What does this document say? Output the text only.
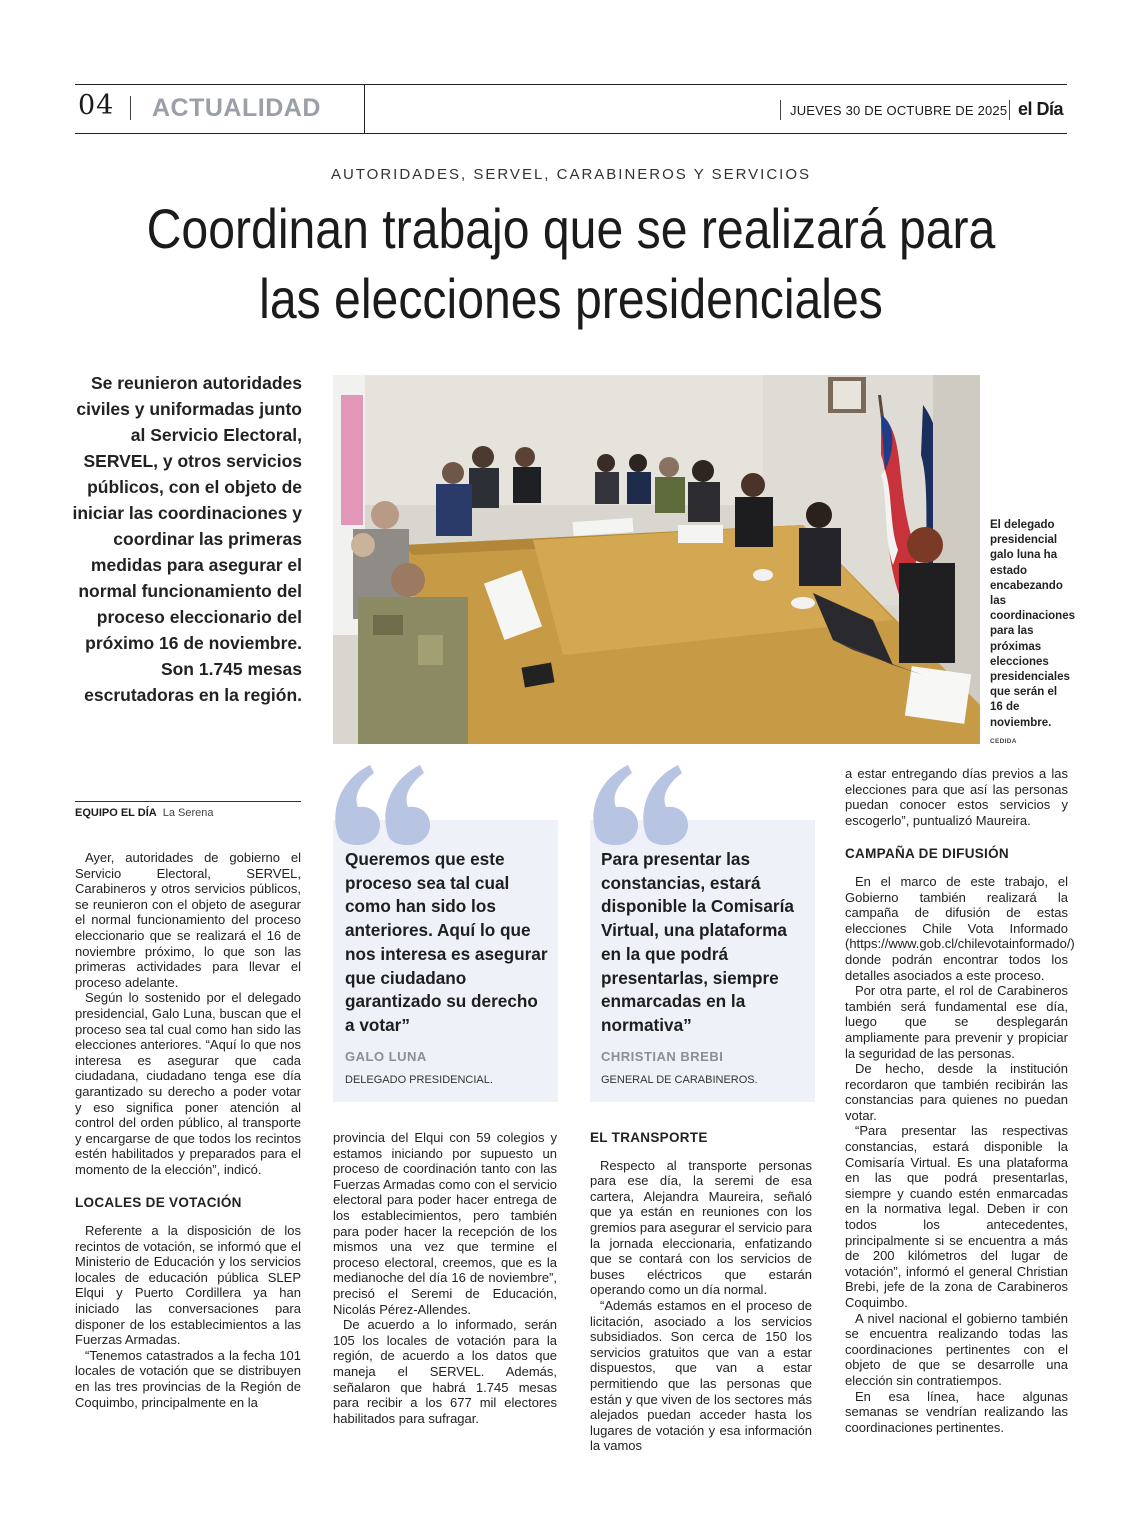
04 ACTUALIDAD	JUEVES 30 DE OCTUBRE DE 2025 el Día
AUTORIDADES, SERVEL, CARABINEROS Y SERVICIOS
Coordinan trabajo que se realizará para
las elecciones presidenciales
Se reunieron autoridades civiles y uniformadas junto al Servicio Electoral, SERVEL, y otros servicios públicos, con el objeto de iniciar las coordinaciones y coordinar las primeras medidas para asegurar el normal funcionamiento del proceso eleccionario del próximo 16 de noviembre. Son 1.745 mesas escrutadoras en la región.
El delegado presidencial galo luna ha estado encabezando las coordinaciones para las próximas elecciones presidenciales que serán el 16 de noviembre.
CEDIDA
EQUIPO EL DÍA La Serena

Ayer, autoridades de gobierno el Servicio Electoral, SERVEL, Carabineros y otros servicios públicos, se reunieron con el objeto de asegurar el normal funcionamiento del proceso eleccionario que se realizará el 16 de noviembre próximo, lo que son las primeras actividades para llevar el proceso adelante.

Según lo sostenido por el delegado presidencial, Galo Luna, buscan que el proceso sea tal cual como han sido las elecciones anteriores. “Aquí lo que nos interesa es asegurar que cada ciudadana, ciudadano tenga ese día garantizado su derecho a poder votar y eso significa poner atención al control del orden público, al transporte y encargarse de que todos los recintos estén habilitados y preparados para el momento de la elección”, indicó.

LOCALES DE VOTACIÓN

Referente a la disposición de los recintos de votación, se informó que el Ministerio de Educación y los servicios locales de educación pública SLEP Elqui y Puerto Cordillera ya han iniciado las conversaciones para disponer de los establecimientos a las Fuerzas Armadas.

“Tenemos catastrados a la fecha 101 locales de votación que se distribuyen en las tres provincias de la Región de Coquimbo, principalmente en la

Queremos que este proceso sea tal cual como han sido los anteriores. Aquí lo que nos interesa es asegurar que ciudadano garantizado su derecho a votar”
GALO LUNA
DELEGADO PRESIDENCIAL.
Para presentar las constancias, estará disponible la Comisaría Virtual, una plataforma en la que podrá presentarlas, siempre enmarcadas en la normativa”
CHRISTIAN BREBI
GENERAL DE CARABINEROS.

provincia del Elqui con 59 colegios y estamos iniciando por supuesto un proceso de coordinación tanto con las Fuerzas Armadas como con el servicio electoral para poder hacer entrega de los establecimientos, pero también para poder hacer la recepción de los mismos una vez que termine el proceso electoral, creemos, que es la medianoche del día 16 de noviembre”, precisó el Seremi de Educación, Nicolás Pérez-Allendes.

De acuerdo a lo informado, serán 105 los locales de votación para la región, de acuerdo a los datos que maneja el SERVEL. Además, señalaron que habrá 1.745 mesas para recibir a los 677 mil electores habilitados para sufragar.

EL TRANSPORTE

Respecto al transporte personas para ese día, la seremi de esa cartera, Alejandra Maureira, señaló que ya están en reuniones con los gremios para asegurar el servicio para la jornada eleccionaria, enfatizando que se contará con los servicios de buses eléctricos que estarán operando como un día normal.

“Además estamos en el proceso de licitación, asociado a los servicios subsidiados. Son cerca de 150 los servicios gratuitos que van a estar dispuestos, que van a estar permitiendo que las personas que están y que viven de los sectores más alejados puedan acceder hasta los lugares de votación y esa información la vamos

a estar entregando días previos a las elecciones para que así las personas puedan conocer estos servicios y escogerlo”, puntualizó Maureira.

CAMPAÑA DE DIFUSIÓN

En el marco de este trabajo, el Gobierno también realizará la campaña de difusión de estas elecciones Chile Vota Informado (https://www.gob.cl/chilevotainformado/) donde podrán encontrar todos los detalles asociados a este proceso.

Por otra parte, el rol de Carabineros también será fundamental ese día, luego que se desplegarán ampliamente para prevenir y propiciar la seguridad de las personas.

De hecho, desde la institución recordaron que también recibirán las constancias para quienes no puedan votar.

“Para presentar las respectivas constancias, estará disponible la Comisaría Virtual. Es una plataforma en las que podrá presentarlas, siempre y cuando estén enmarcadas en la normativa legal. Deben ir con todos los antecedentes, principalmente si se encuentra a más de 200 kilómetros del lugar de votación”, informó el general Christian Brebi, jefe de la zona de Carabineros Coquimbo.

A nivel nacional el gobierno también se encuentra realizando todas las coordinaciones pertinentes con el objeto de que se desarrolle una elección sin contratiempos.

En esa línea, hace algunas semanas se vendrían realizando las coordinaciones pertinentes.
